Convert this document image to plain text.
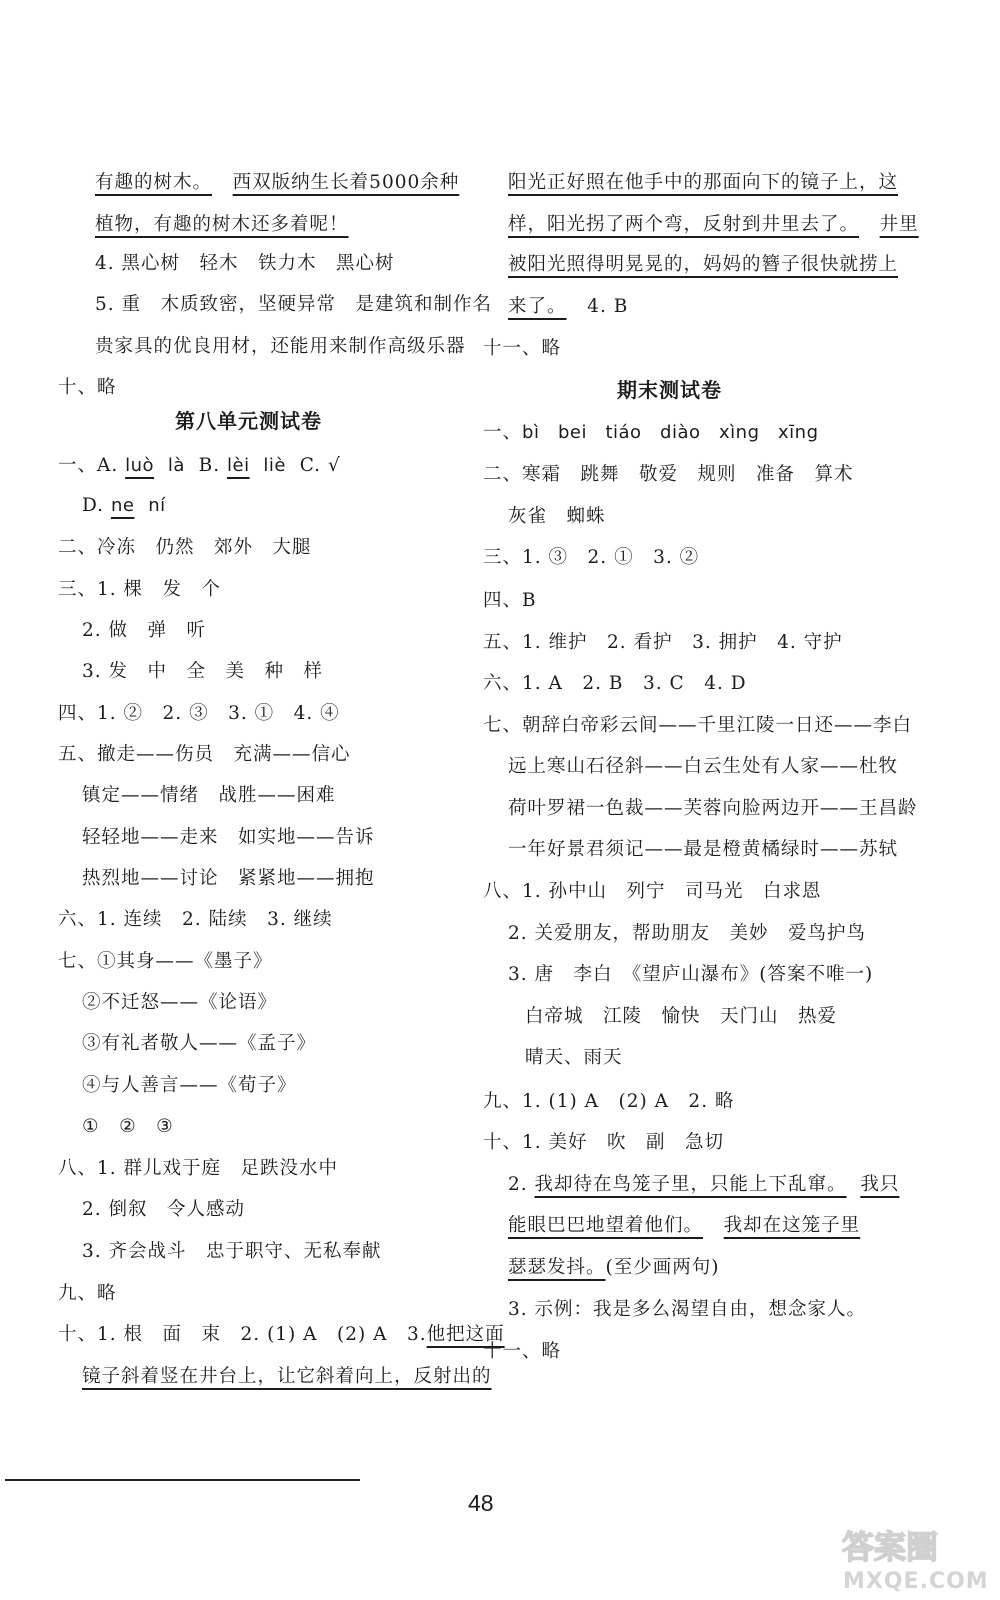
有趣的树木。 西双版纳生长着5000余种
植物，有趣的树木还多着呢！
4. 黑心树　轻木　铁力木　黑心树
5. 重　木质致密，坚硬异常　是建筑和制作名
贵家具的优良用材，还能用来制作高级乐器
十、略
第八单元测试卷
一、A. luò là B. lèi liè C. √
D. ne ní
二、冷冻　仍然　郊外　大腿
三、1. 棵　发　个
2. 做　弹　听
3. 发　中　全　美　种　样
四、1. ②　2. ③　3. ①　4. ④
五、撤走——伤员　充满——信心
镇定——情绪　战胜——困难
轻轻地——走来　如实地——告诉
热烈地——讨论　紧紧地——拥抱
六、1. 连续　2. 陆续　3. 继续
七、①其身——《墨子》
②不迁怒——《论语》
③有礼者敬人——《孟子》
④与人善言——《荀子》
①　②　③
八、1. 群儿戏于庭　足跌没水中
2. 倒叙　令人感动
3. 齐会战斗　忠于职守、无私奉献
九、略
十、1. 根　面　束　2. (1) A　(2) A　3.他把这面
镜子斜着竖在井台上，让它斜着向上，反射出的
阳光正好照在他手中的那面向下的镜子上，这
样，阳光拐了两个弯，反射到井里去了。 井里
被阳光照得明晃晃的，妈妈的簪子很快就捞上
来了。 4. B
十一、略
期末测试卷
一、bì　bei　tiáo　diào　xìng　xīng
二、寒霜　跳舞　敬爱　规则　准备　算术
灰雀　蜘蛛
三、1. ③　2. ①　3. ②
四、B
五、1. 维护　2. 看护　3. 拥护　4. 守护
六、1. A　2. B　3. C　4. D
七、朝辞白帝彩云间——千里江陵一日还——李白
远上寒山石径斜——白云生处有人家——杜牧
荷叶罗裙一色裁——芙蓉向脸两边开——王昌龄
一年好景君须记——最是橙黄橘绿时——苏轼
八、1. 孙中山　列宁　司马光　白求恩
2. 关爱朋友，帮助朋友　美妙　爱鸟护鸟
3. 唐　李白　《望庐山瀑布》(答案不唯一)
白帝城　江陵　愉快　天门山　热爱
晴天、雨天
九、1. (1) A　(2) A　2. 略
十、1. 美好　吹　副　急切
2. 我却待在鸟笼子里，只能上下乱窜。 我只
能眼巴巴地望着他们。 我却在这笼子里
瑟瑟发抖。(至少画两句)
3. 示例：我是多么渴望自由，想念家人。
十一、略
48
答案圈
MXQE.COM
